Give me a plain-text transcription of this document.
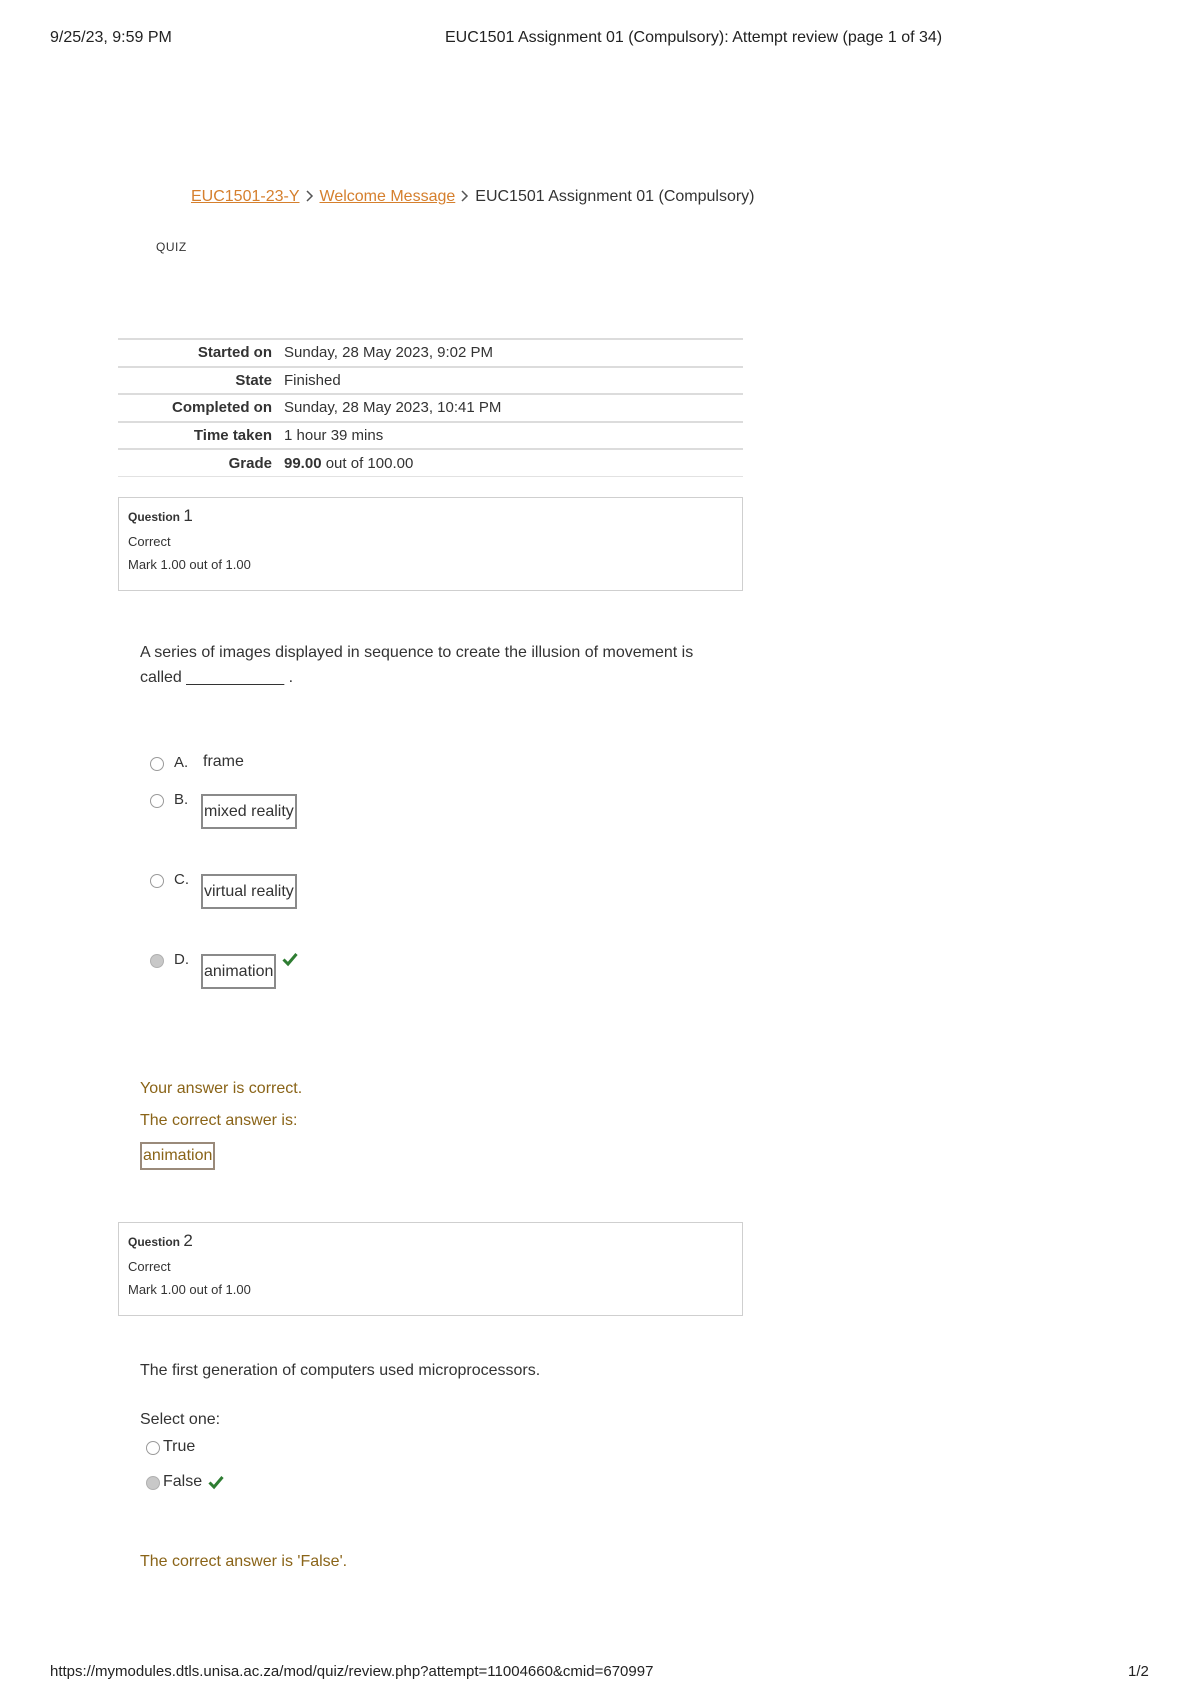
9/25/23, 9:59 PM	EUC1501 Assignment 01 (Compulsory): Attempt review (page 1 of 34)
EUC1501-23-Y Welcome Message EUC1501 Assignment 01 (Compulsory)
QUIZ
Started on	Sunday, 28 May 2023, 9:02 PM
State	Finished
Completed on	Sunday, 28 May 2023, 10:41 PM
Time taken	1 hour 39 mins
Grade	99.00 out of 100.00
Question 1
Correct
Mark 1.00 out of 1.00
A series of images displayed in sequence to create the illusion of movement is
called ___________ .
A. frame
B.
mixed reality
C.
virtual reality
D.
animation
Your answer is correct.
The correct answer is:
animation
Question 2
Correct
Mark 1.00 out of 1.00
The first generation of computers used microprocessors.
Select one:
True
False
The correct answer is 'False'.
https://mymodules.dtls.unisa.ac.za/mod/quiz/review.php?attempt=11004660&cmid=670997	1/2
